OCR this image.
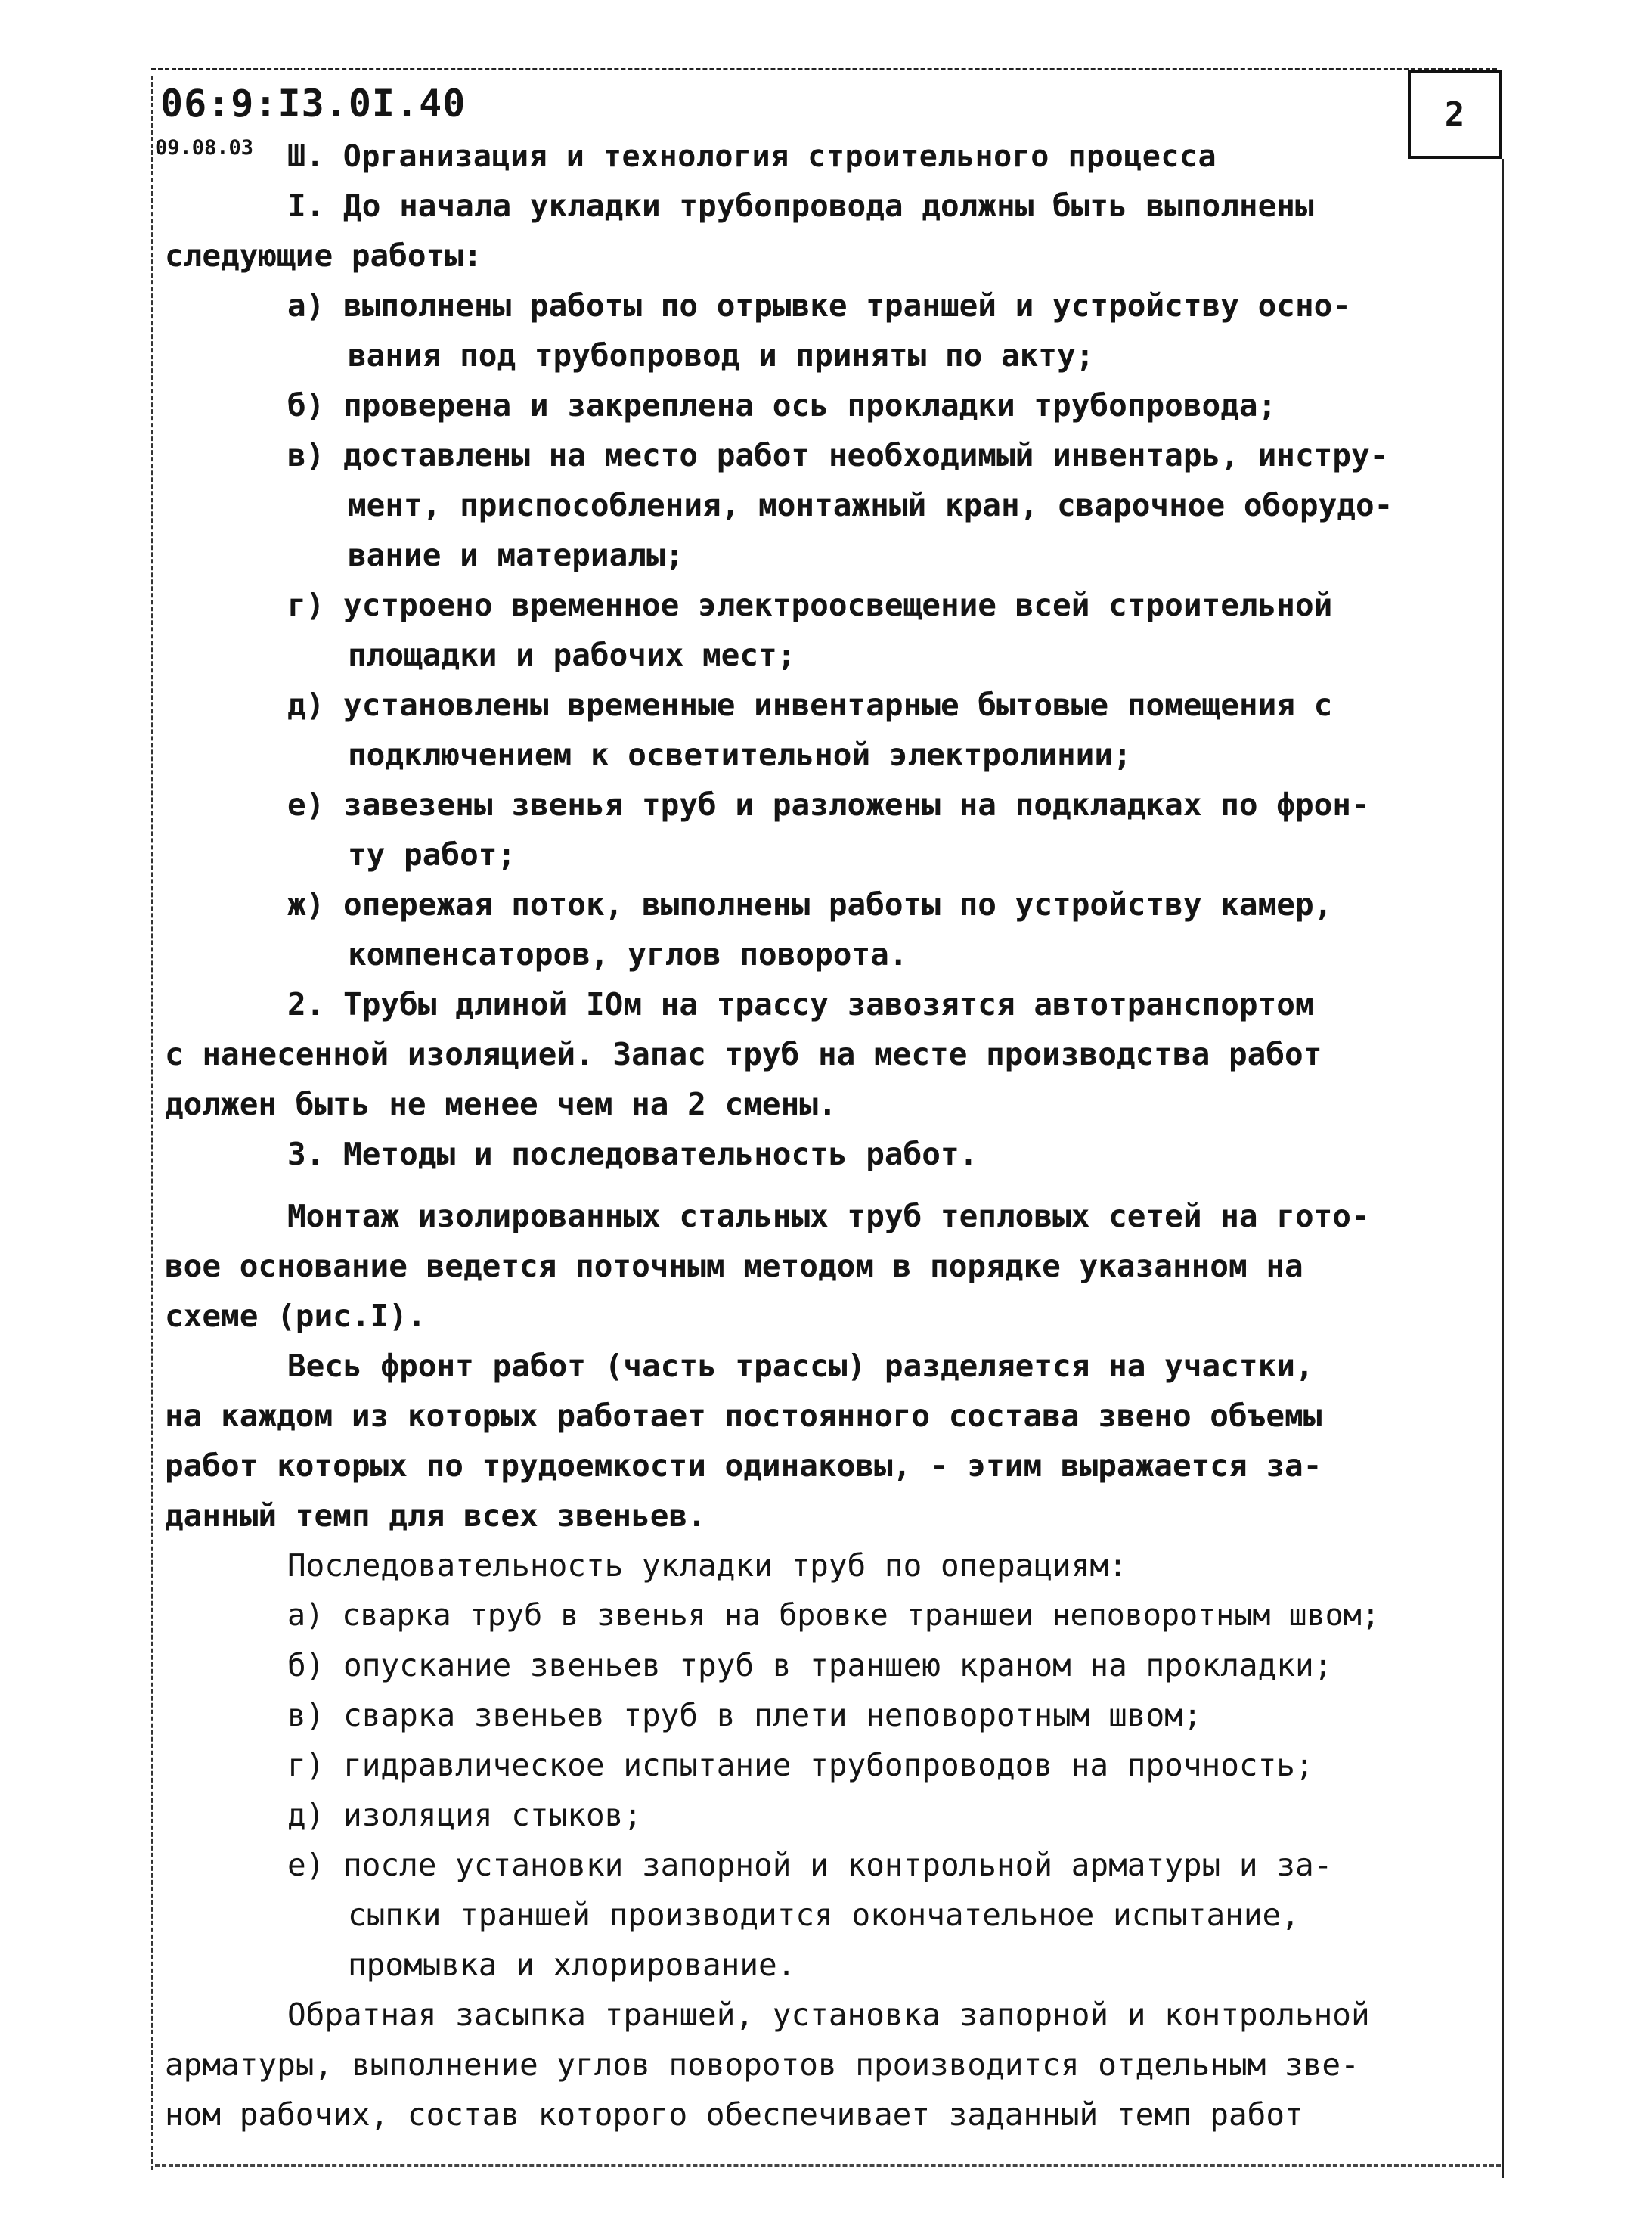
2
06:9:I3.0I.40
09.08.03 Ш. Организация и технология строительного процесса
I. До начала укладки трубопровода должны быть выполнены
следующие работы:
а) выполнены работы по отрывке траншей и устройству осно-
вания под трубопровод и приняты по акту;
б) проверена и закреплена ось прокладки трубопровода;
в) доставлены на место работ необходимый инвентарь, инстру-
мент, приспособления, монтажный кран, сварочное оборудо-
вание и материалы;
г) устроено временное электроосвещение всей строительной
площадки и рабочих мест;
д) установлены временные инвентарные бытовые помещения с
подключением к осветительной электролинии;
е) завезены звенья труб и разложены на подкладках по фрон-
ту работ;
ж) опережая поток, выполнены работы по устройству камер,
компенсаторов, углов поворота.
2. Трубы длиной IОм на трассу завозятся автотранспортом
с нанесенной изоляцией. Запас труб на месте производства работ
должен быть не менее чем на 2 смены.
3. Методы и последовательность работ.
Монтаж изолированных стальных труб тепловых сетей на гото-
вое основание ведется поточным методом в порядке указанном на
схеме (рис.I).
Весь фронт работ (часть трассы) разделяется на участки,
на каждом из которых работает постоянного состава звено объемы
работ которых по трудоемкости одинаковы, - этим выражается за-
данный темп для всех звеньев.
Последовательность укладки труб по операциям:
а) сварка труб в звенья на бровке траншеи неповоротным швом;
б) опускание звеньев труб в траншею краном на прокладки;
в) сварка звеньев труб в плети неповоротным швом;
г) гидравлическое испытание трубопроводов на прочность;
д) изоляция стыков;
е) после установки запорной и контрольной арматуры и за-
сыпки траншей производится окончательное испытание,
промывка и хлорирование.
Обратная засыпка траншей, установка запорной и контрольной
арматуры, выполнение углов поворотов производится отдельным зве-
ном рабочих, состав которого обеспечивает заданный темп работ
